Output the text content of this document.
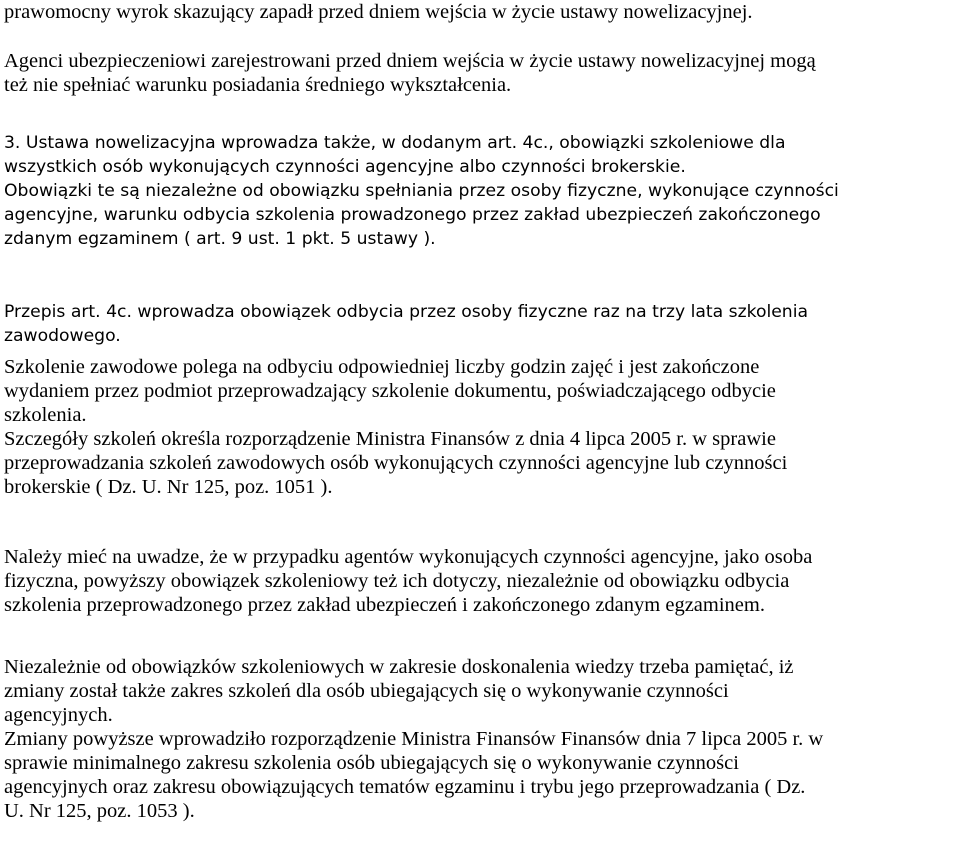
prawomocny wyrok skazujący zapadł przed dniem wejścia w życie ustawy nowelizacyjnej.
Agenci ubezpieczeniowi zarejestrowani przed dniem wejścia w życie ustawy nowelizacyjnej mogą
też nie spełniać warunku posiadania średniego wykształcenia.
3. Ustawa nowelizacyjna wprowadza także, w dodanym art. 4c., obowiązki szkoleniowe dla
wszystkich osób wykonujących czynności agencyjne albo czynności brokerskie.
Obowiązki te są niezależne od obowiązku spełniania przez osoby fizyczne, wykonujące czynności
agencyjne, warunku odbycia szkolenia prowadzonego przez zakład ubezpieczeń zakończonego
zdanym egzaminem ( art. 9 ust. 1 pkt. 5 ustawy ).
Przepis art. 4c. wprowadza obowiązek odbycia przez osoby fizyczne raz na trzy lata szkolenia
zawodowego.
Szkolenie zawodowe polega na odbyciu odpowiedniej liczby godzin zajęć i jest zakończone
wydaniem przez podmiot przeprowadzający szkolenie dokumentu, poświadczającego odbycie
szkolenia.
Szczegóły szkoleń określa rozporządzenie Ministra Finansów z dnia 4 lipca 2005 r. w sprawie
przeprowadzania szkoleń zawodowych osób wykonujących czynności agencyjne lub czynności
brokerskie ( Dz. U. Nr 125, poz. 1051 ).
Należy mieć na uwadze, że w przypadku agentów wykonujących czynności agencyjne, jako osoba
fizyczna, powyższy obowiązek szkoleniowy też ich dotyczy, niezależnie od obowiązku odbycia
szkolenia przeprowadzonego przez zakład ubezpieczeń i zakończonego zdanym egzaminem.
Niezależnie od obowiązków szkoleniowych w zakresie doskonalenia wiedzy trzeba pamiętać, iż
zmiany został także zakres szkoleń dla osób ubiegających się o wykonywanie czynności
agencyjnych.
Zmiany powyższe wprowadziło rozporządzenie Ministra Finansów Finansów dnia 7 lipca 2005 r. w
sprawie minimalnego zakresu szkolenia osób ubiegających się o wykonywanie czynności
agencyjnych oraz zakresu obowiązujących tematów egzaminu i trybu jego przeprowadzania ( Dz.
U. Nr 125, poz. 1053 ).
